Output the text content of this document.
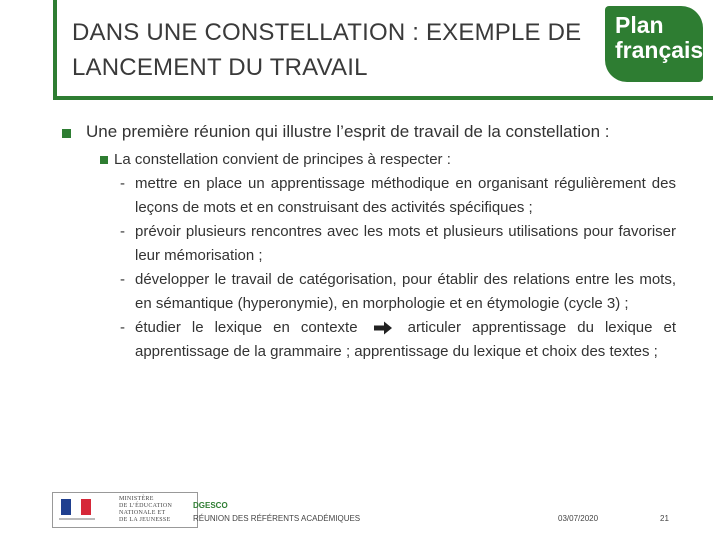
DANS UNE CONSTELLATION : EXEMPLE DE
LANCEMENT DU TRAVAIL
Plan
français
Une première réunion qui illustre l’esprit de travail de la constellation :
La constellation convient de principes à respecter :
- mettre en place un apprentissage méthodique en organisant régulièrement des leçons de mots et en construisant des activités spécifiques ;
- prévoir plusieurs rencontres avec les mots et plusieurs utilisations pour favoriser leur mémorisation ;
- développer le travail de catégorisation, pour établir des relations entre les mots, en sémantique (hyperonymie), en morphologie et en étymologie (cycle 3) ;
- étudier le lexique en contexte	articuler apprentissage du lexique et apprentissage de la grammaire ; apprentissage du lexique et choix des textes ;
MINISTÈRE
DE L’ÉDUCATION
NATIONALE ET
DE LA JEUNESSE
DGESCO
RÉUNION DES RÉFÉRENTS ACADÉMIQUES	03/07/2020	21
